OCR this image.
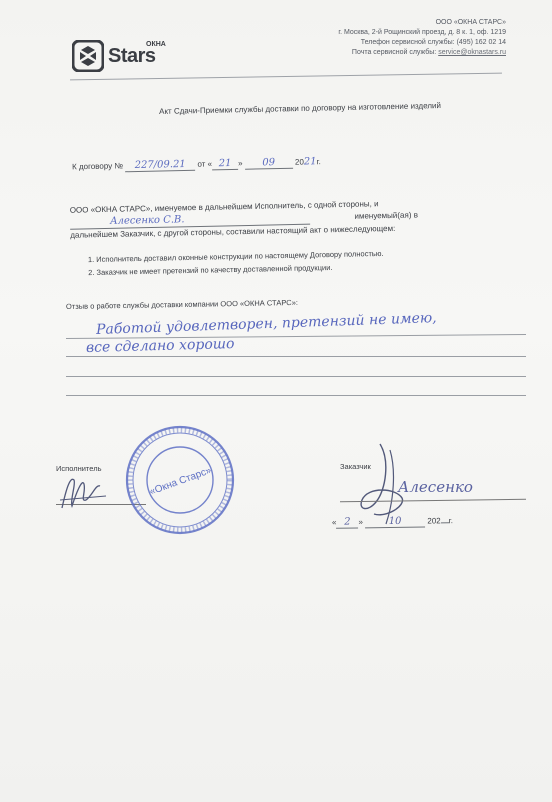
ОКНА
Stars
ООО «ОКНА СТАРС»
г. Москва, 2-й Рощинский проезд, д. 8 к. 1, оф. 1219
Телефон сервисной службы: (495) 162 02 14
Почта сервисной службы: service@oknastars.ru
Акт Сдачи-Приемки службы доставки по договору на изготовление изделий
К договору № 227/09.21 от « 21 » 09 2021г.
ООО «ОКНА СТАРС», именуемое в дальнейшем Исполнитель, с одной стороны, и
Алесенко С.В.	именуемый(ая) в
дальнейшем Заказчик, с другой стороны, составили настоящий акт о нижеследующем:
1. Исполнитель доставил оконные конструкции по настоящему Договору полностью.
2. Заказчик не имеет претензий по качеству доставленной продукции.
Отзыв о работе службы доставки компании ООО «ОКНА СТАРС»:
Работой удовлетворен, претензий не имею,
все сделано хорошо
Исполнитель	«Окна Старс»	Заказчик
Алесенко
« 2 »	10	202 г.
